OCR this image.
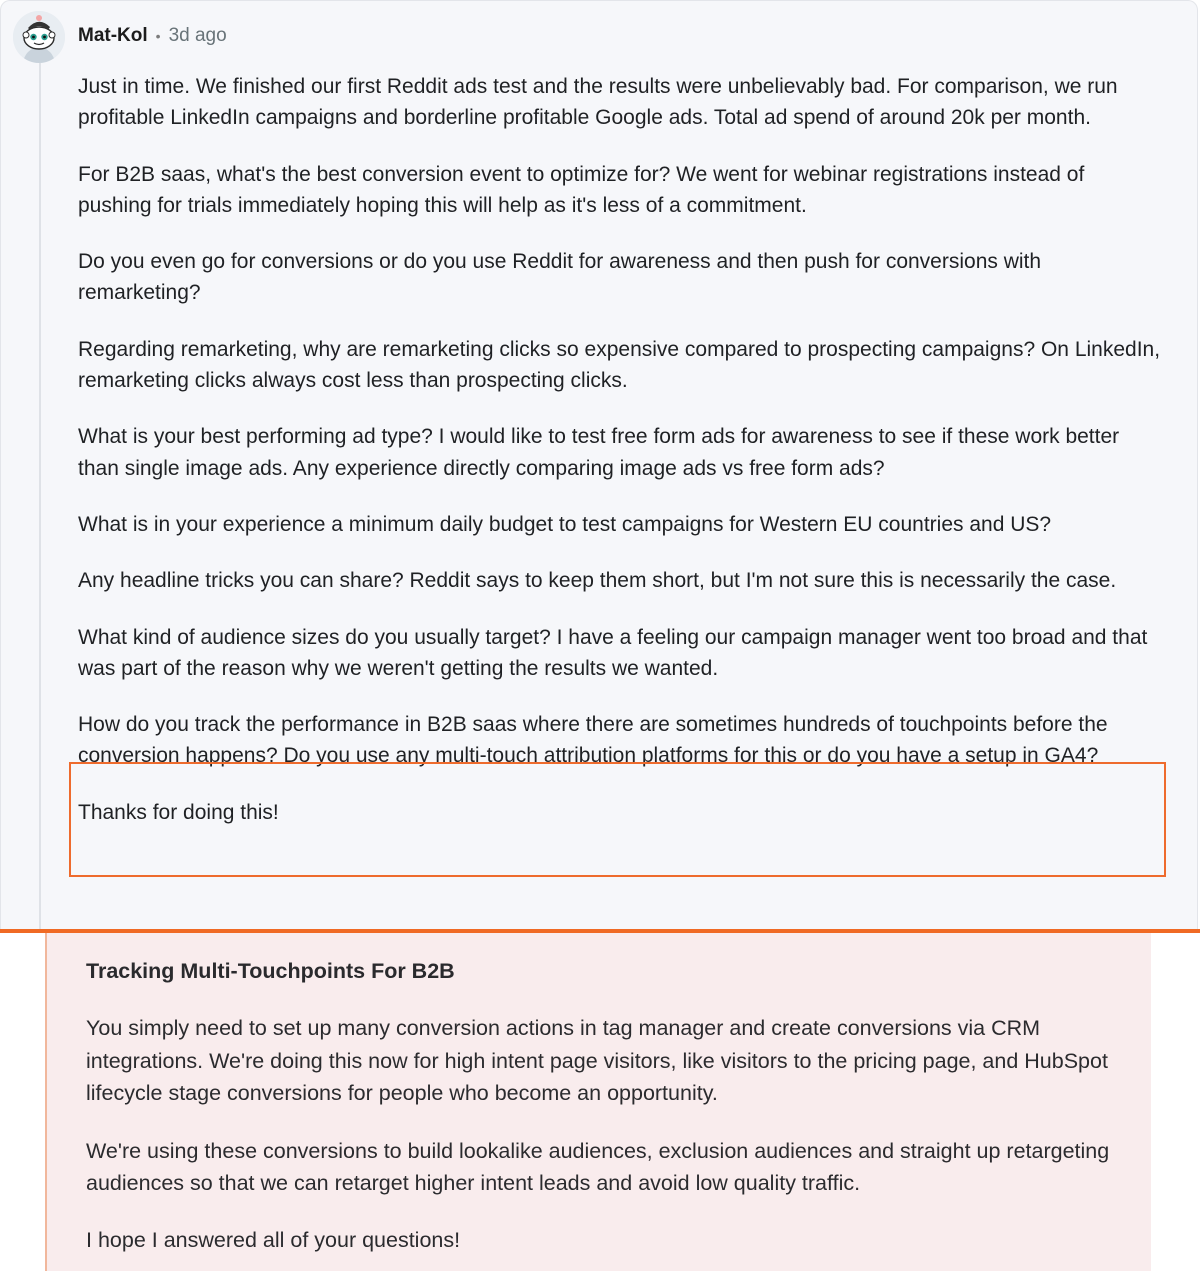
Mat-Kol • 3d ago

Just in time. We finished our first Reddit ads test and the results were unbelievably bad. For comparison, we run profitable LinkedIn campaigns and borderline profitable Google ads. Total ad spend of around 20k per month.

For B2B saas, what's the best conversion event to optimize for? We went for webinar registrations instead of pushing for trials immediately hoping this will help as it's less of a commitment.

Do you even go for conversions or do you use Reddit for awareness and then push for conversions with remarketing?

Regarding remarketing, why are remarketing clicks so expensive compared to prospecting campaigns? On LinkedIn, remarketing clicks always cost less than prospecting clicks.

What is your best performing ad type? I would like to test free form ads for awareness to see if these work better than single image ads. Any experience directly comparing image ads vs free form ads?

What is in your experience a minimum daily budget to test campaigns for Western EU countries and US?

Any headline tricks you can share? Reddit says to keep them short, but I'm not sure this is necessarily the case.

What kind of audience sizes do you usually target? I have a feeling our campaign manager went too broad and that was part of the reason why we weren't getting the results we wanted.

How do you track the performance in B2B saas where there are sometimes hundreds of touchpoints before the conversion happens? Do you use any multi-touch attribution platforms for this or do you have a setup in GA4?

Thanks for doing this!

Tracking Multi-Touchpoints For B2B

You simply need to set up many conversion actions in tag manager and create conversions via CRM integrations. We're doing this now for high intent page visitors, like visitors to the pricing page, and HubSpot lifecycle stage conversions for people who become an opportunity.

We're using these conversions to build lookalike audiences, exclusion audiences and straight up retargeting audiences so that we can retarget higher intent leads and avoid low quality traffic.

I hope I answered all of your questions!
